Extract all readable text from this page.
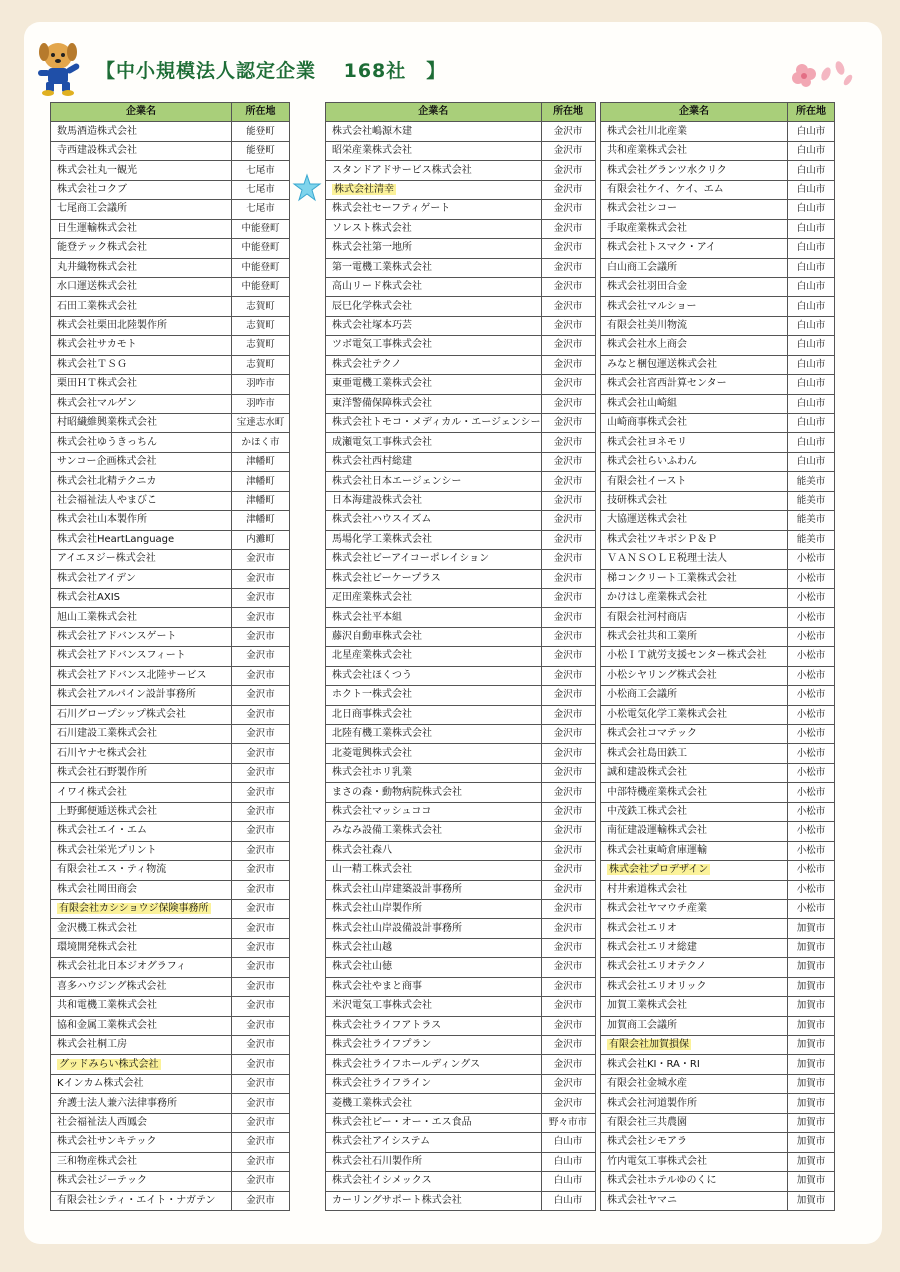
【中小規模法人認定企業　 168社　】
企業名	所在地
数馬酒造株式会社	能登町
寺西建設株式会社	能登町
株式会社丸一観光	七尾市
株式会社コクブ	七尾市
七尾商工会議所	七尾市
日生運輸株式会社	中能登町
能登テック株式会社	中能登町
丸井織物株式会社	中能登町
水口運送株式会社	中能登町
石田工業株式会社	志賀町
株式会社栗田北陸製作所	志賀町
株式会社サカモト	志賀町
株式会社ＴＳＧ	志賀町
栗田ＨＴ株式会社	羽咋市
株式会社マルゲン	羽咋市
村昭繊維興業株式会社	宝達志水町
株式会社ゆうきっちん	かほく市
サンコー企画株式会社	津幡町
株式会社北精テクニカ	津幡町
社会福祉法人やまびこ	津幡町
株式会社山本製作所	津幡町
株式会社HeartLanguage	内灘町
アイエヌジー株式会社	金沢市
株式会社アイデン	金沢市
株式会社AXIS	金沢市
旭山工業株式会社	金沢市
株式会社アドバンスゲート	金沢市
株式会社アドバンスフィート	金沢市
株式会社アドバンス北陸サービス	金沢市
株式会社アルパイン設計事務所	金沢市
石川グロープシップ株式会社	金沢市
石川建設工業株式会社	金沢市
石川ヤナセ株式会社	金沢市
株式会社石野製作所	金沢市
イワイ株式会社	金沢市
上野郵便逓送株式会社	金沢市
株式会社エイ・エム	金沢市
株式会社栄光プリント	金沢市
有限会社エス・ティ物流	金沢市
株式会社岡田商会	金沢市
有限会社カシショウジ保険事務所	金沢市
金沢機工株式会社	金沢市
環境開発株式会社	金沢市
株式会社北日本ジオグラフィ	金沢市
喜多ハウジング株式会社	金沢市
共和電機工業株式会社	金沢市
協和金属工業株式会社	金沢市
株式会社桐工房	金沢市
グッドみらい株式会社	金沢市
Kインカム株式会社	金沢市
弁護士法人兼六法律事務所	金沢市
社会福祉法人西鳳会	金沢市
株式会社サンキテック	金沢市
三和物産株式会社	金沢市
株式会社ジーテック	金沢市
有限会社シティ・エイト・ナガテン	金沢市
企業名	所在地
株式会社嶋源木建	金沢市
昭栄産業株式会社	金沢市
スタンドアドサービス株式会社	金沢市
株式会社清幸	金沢市
株式会社セーフティゲート	金沢市
ソレスト株式会社	金沢市
株式会社第一地所	金沢市
第一電機工業株式会社	金沢市
高山リード株式会社	金沢市
辰巳化学株式会社	金沢市
株式会社塚本巧芸	金沢市
ツボ電気工事株式会社	金沢市
株式会社テクノ	金沢市
東亜電機工業株式会社	金沢市
東洋警備保障株式会社	金沢市
株式会社トモコ・メディカル・エージェンシー	金沢市
成瀬電気工事株式会社	金沢市
株式会社西村総建	金沢市
株式会社日本エージェンシー	金沢市
日本海建設株式会社	金沢市
株式会社ハウスイズム	金沢市
馬場化学工業株式会社	金沢市
株式会社ビーアイコーポレイション	金沢市
株式会社ビーケープラス	金沢市
疋田産業株式会社	金沢市
株式会社平本組	金沢市
藤沢自動車株式会社	金沢市
北星産業株式会社	金沢市
株式会社ほくつう	金沢市
ホクト一株式会社	金沢市
北日商事株式会社	金沢市
北陸有機工業株式会社	金沢市
北菱電興株式会社	金沢市
株式会社ホリ乳業	金沢市
まさの森・動物病院株式会社	金沢市
株式会社マッシュココ	金沢市
みなみ設備工業株式会社	金沢市
株式会社森八	金沢市
山一精工株式会社	金沢市
株式会社山岸建築設計事務所	金沢市
株式会社山岸製作所	金沢市
株式会社山岸設備設計事務所	金沢市
株式会社山越	金沢市
株式会社山徳	金沢市
株式会社やまと商事	金沢市
米沢電気工事株式会社	金沢市
株式会社ライフアトラス	金沢市
株式会社ライフプラン	金沢市
株式会社ライフホールディングス	金沢市
株式会社ライフライン	金沢市
菱機工業株式会社	金沢市
株式会社ビー・オー・エス食品	野々市市
株式会社アイシステム	白山市
株式会社石川製作所	白山市
株式会社イシメックス	白山市
カーリングサポート株式会社	白山市
企業名	所在地
株式会社川北産業	白山市
共和産業株式会社	白山市
株式会社グランツ水クリク	白山市
有限会社ケイ、ケイ、エム	白山市
株式会社シコー	白山市
手取産業株式会社	白山市
株式会社トスマク・アイ	白山市
白山商工会議所	白山市
株式会社羽田合金	白山市
株式会社マルショー	白山市
有限会社美川物流	白山市
株式会社水上商会	白山市
みなと梱包運送株式会社	白山市
株式会社宮西計算センター	白山市
株式会社山崎組	白山市
山崎商事株式会社	白山市
株式会社ヨネモリ	白山市
株式会社らいふわん	白山市
有限会社イースト	能美市
技研株式会社	能美市
大協運送株式会社	能美市
株式会社ツキボシＰ＆Ｐ	能美市
ＶＡＮＳＯＬＥ税理士法人	小松市
梯コンクリート工業株式会社	小松市
かけはし産業株式会社	小松市
有限会社河村商店	小松市
株式会社共和工業所	小松市
小松ＩＴ就労支援センター株式会社	小松市
小松シヤリング株式会社	小松市
小松商工会議所	小松市
小松電気化学工業株式会社	小松市
株式会社コマテック	小松市
株式会社島田鉄工	小松市
誠和建設株式会社	小松市
中部特機産業株式会社	小松市
中茂鉄工株式会社	小松市
南征建設運輸株式会社	小松市
株式会社東崎倉庫運輸	小松市
株式会社プロデザイン	小松市
村井索道株式会社	小松市
株式会社ヤマウチ産業	小松市
株式会社エリオ	加賀市
株式会社エリオ総建	加賀市
株式会社エリオテクノ	加賀市
株式会社エリオリック	加賀市
加賀工業株式会社	加賀市
加賀商工会議所	加賀市
有限会社加賀損保	加賀市
株式会社KI・RA・RI	加賀市
有限会社金城水産	加賀市
株式会社河道製作所	加賀市
有限会社三共農園	加賀市
株式会社シモアラ	加賀市
竹内電気工事株式会社	加賀市
株式会社ホテルゆのくに	加賀市
株式会社ヤマニ	加賀市
